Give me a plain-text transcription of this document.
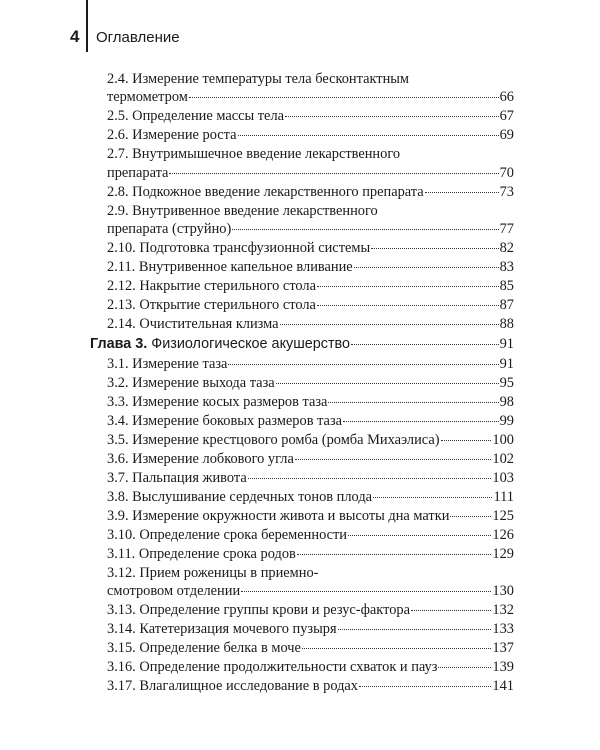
4 Оглавление
2.4. Измерение температуры тела бесконтактным
термометром	66
2.5. Определение массы тела	67
2.6. Измерение роста	69
2.7. Внутримышечное введение лекарственного
препарата	70
2.8. Подкожное введение лекарственного препарата	73
2.9. Внутривенное введение лекарственного
препарата (струйно)	77
2.10. Подготовка трансфузионной системы	82
2.11. Внутривенное капельное вливание	83
2.12. Накрытие стерильного стола	85
2.13. Открытие стерильного стола	87
2.14. Очистительная клизма	88
Глава 3. Физиологическое акушерство	91
3.1. Измерение таза	91
3.2. Измерение выхода таза	95
3.3. Измерение косых размеров таза	98
3.4. Измерение боковых размеров таза	99
3.5. Измерение крестцового ромба (ромба Михаэлиса)	100
3.6. Измерение лобкового угла	102
3.7. Пальпация живота	103
3.8. Выслушивание сердечных тонов плода	111
3.9. Измерение окружности живота и высоты дна матки	125
3.10. Определение срока беременности	126
3.11. Определение срока родов	129
3.12. Прием роженицы в приемно-
смотровом отделении	130
3.13. Определение группы крови и резус-фактора	132
3.14. Катетеризация мочевого пузыря	133
3.15. Определение белка в моче	137
3.16. Определение продолжительности схваток и пауз	139
3.17. Влагалищное исследование в родах	141
